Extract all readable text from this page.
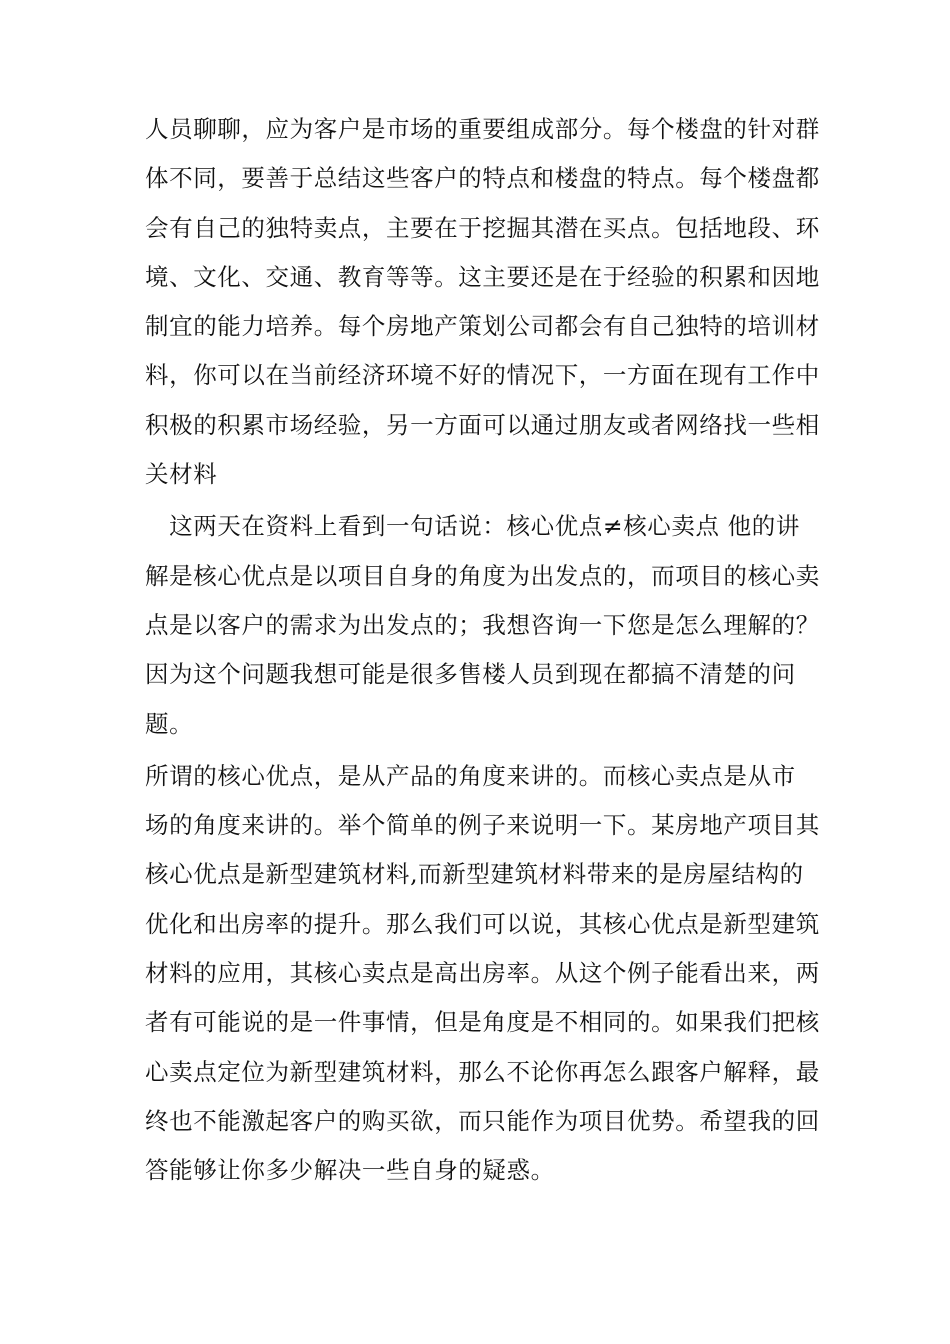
人员聊聊，应为客户是市场的重要组成部分。每个楼盘的针对群
体不同，要善于总结这些客户的特点和楼盘的特点。每个楼盘都
会有自己的独特卖点，主要在于挖掘其潜在买点。包括地段、环
境、文化、交通、教育等等。这主要还是在于经验的积累和因地
制宜的能力培养。每个房地产策划公司都会有自己独特的培训材
料，你可以在当前经济环境不好的情况下，一方面在现有工作中
积极的积累市场经验，另一方面可以通过朋友或者网络找一些相
关材料
　这两天在资料上看到一句话说：核心优点≠核心卖点 他的讲
解是核心优点是以项目自身的角度为出发点的，而项目的核心卖
点是以客户的需求为出发点的；我想咨询一下您是怎么理解的？
因为这个问题我想可能是很多售楼人员到现在都搞不清楚的问
题。
所谓的核心优点，是从产品的角度来讲的。而核心卖点是从市
场的角度来讲的。举个简单的例子来说明一下。某房地产项目其
核心优点是新型建筑材料,而新型建筑材料带来的是房屋结构的
优化和出房率的提升。那么我们可以说，其核心优点是新型建筑
材料的应用，其核心卖点是高出房率。从这个例子能看出来，两
者有可能说的是一件事情，但是角度是不相同的。如果我们把核
心卖点定位为新型建筑材料，那么不论你再怎么跟客户解释，最
终也不能激起客户的购买欲，而只能作为项目优势。希望我的回
答能够让你多少解决一些自身的疑惑。
